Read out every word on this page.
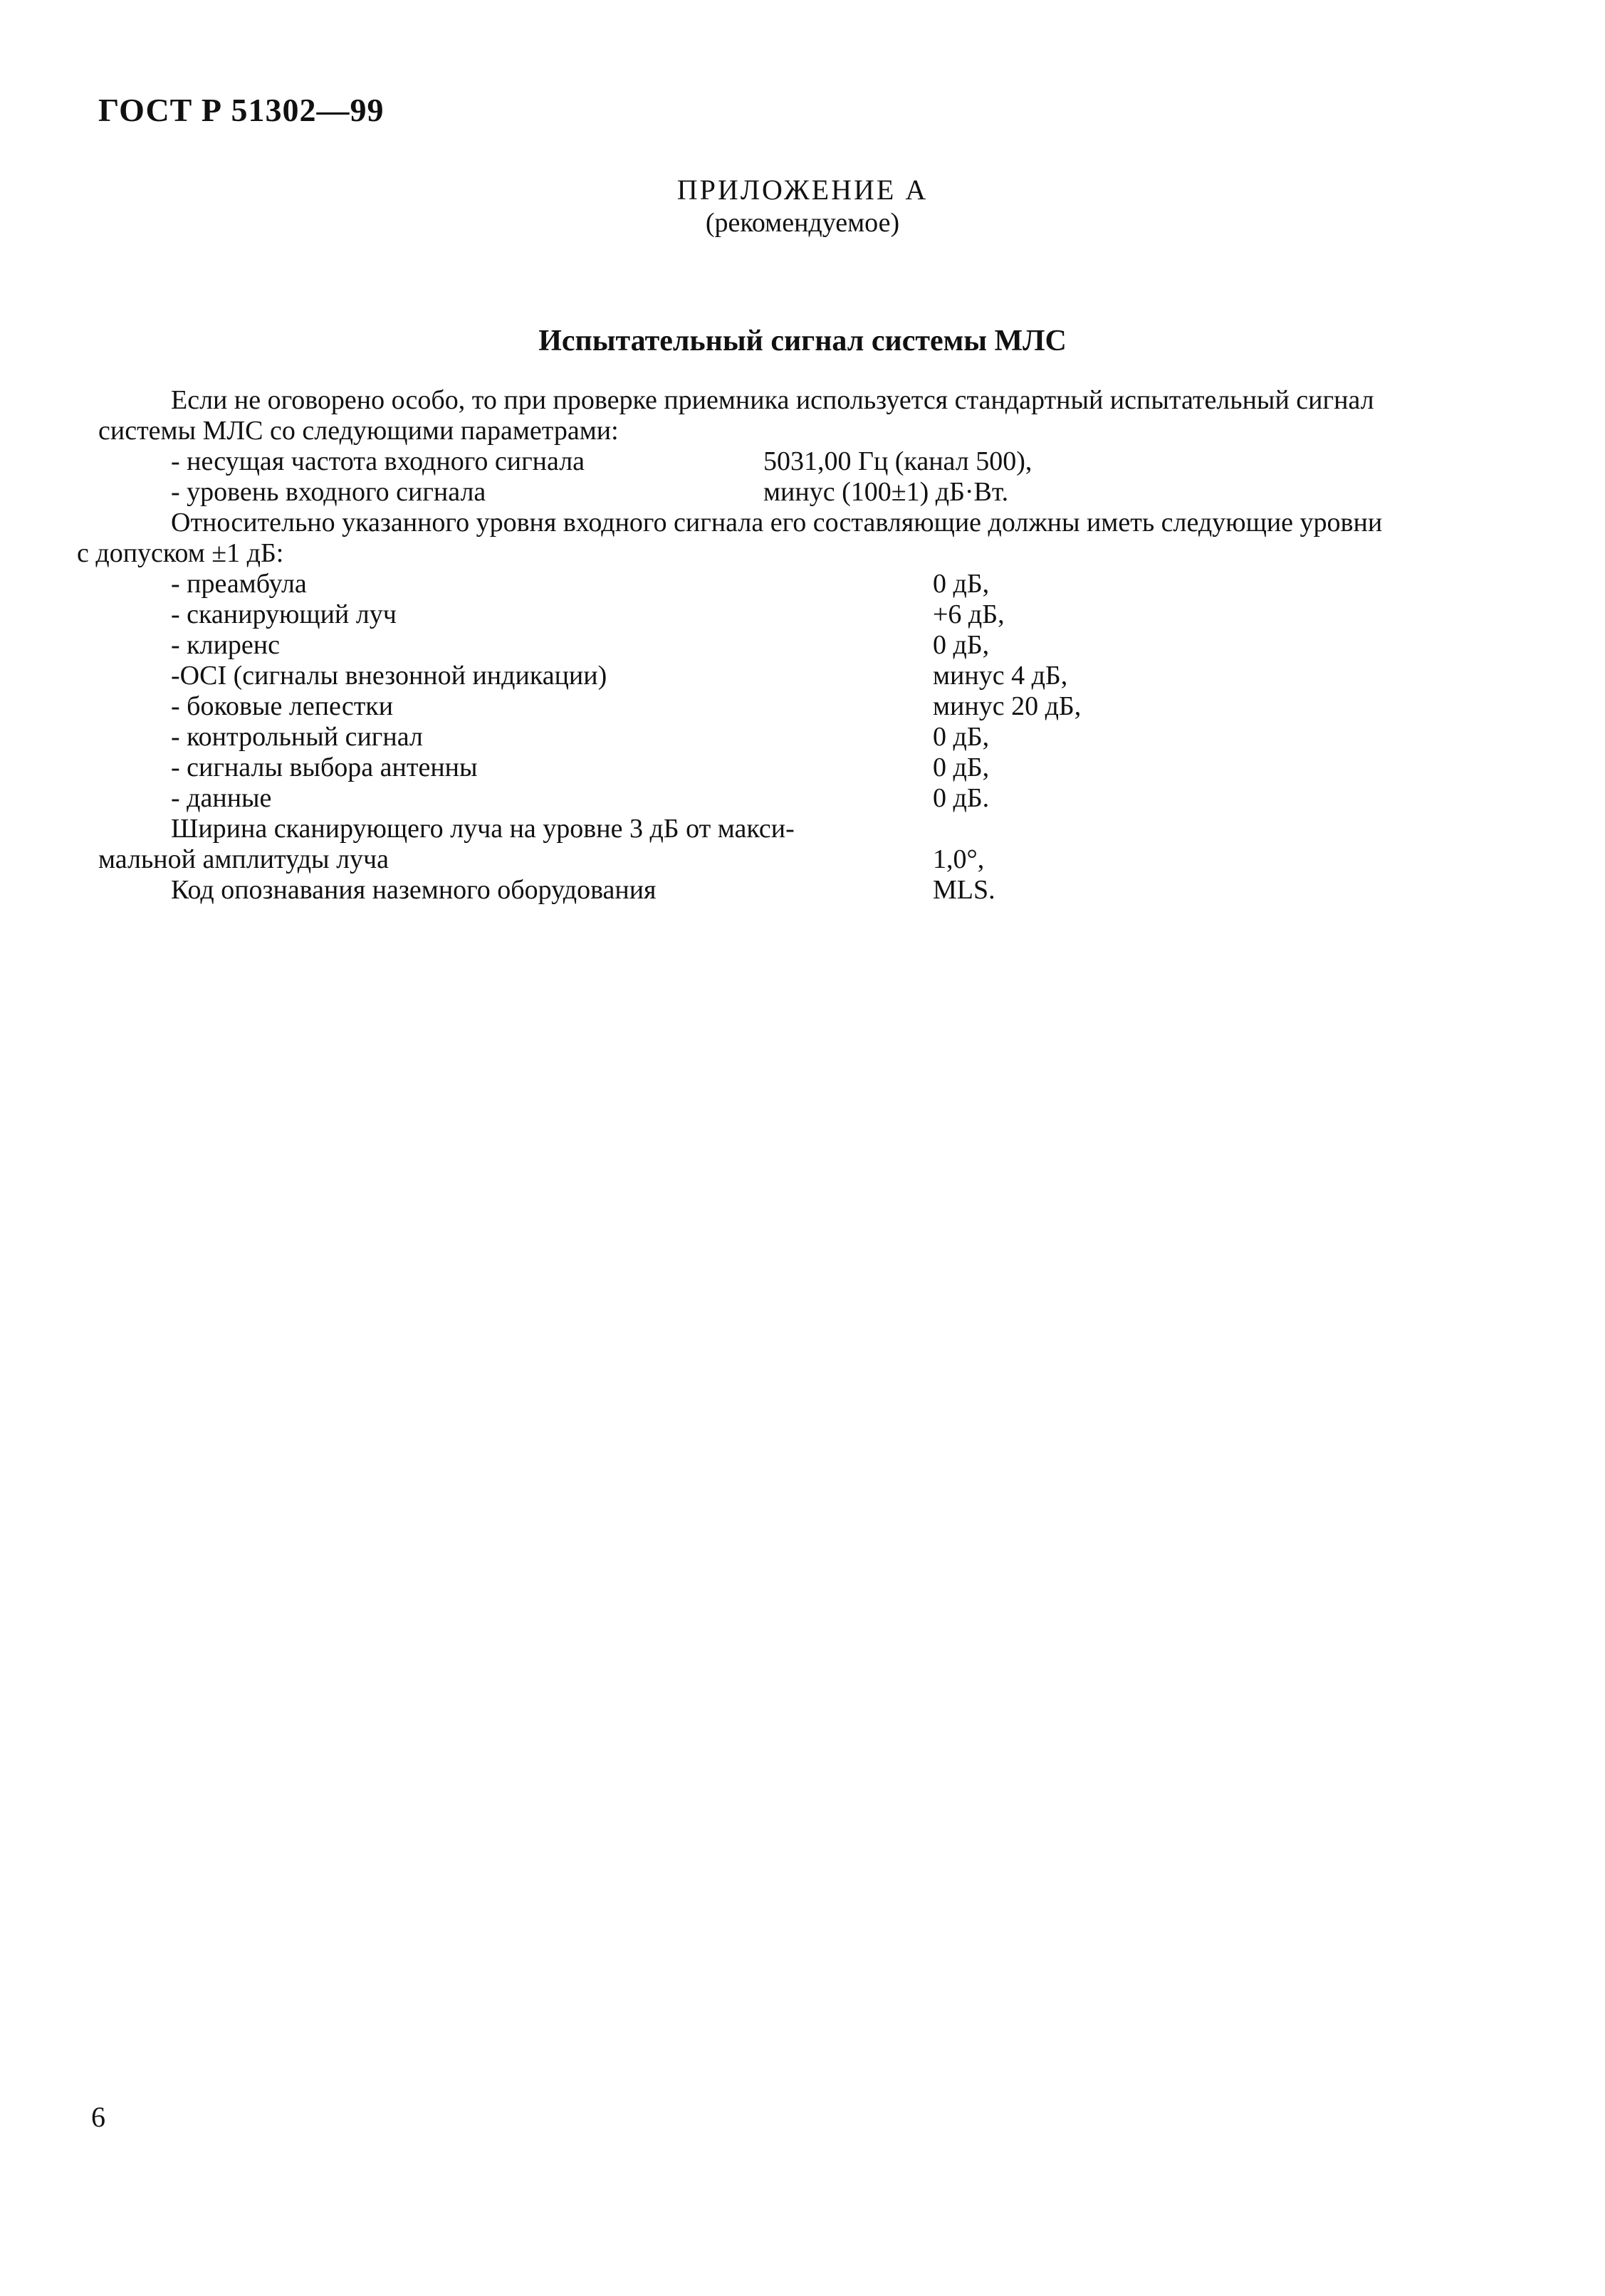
ГОСТ Р 51302—99
ПРИЛОЖЕНИЕ А
(рекомендуемое)
Испытательный сигнал системы МЛС
Если не оговорено особо, то при проверке приемника используется стандартный испытательный сигнал
системы МЛС со следующими параметрами:
- несущая частота входного сигнала	5031,00 Гц (канал 500),
- уровень входного сигнала	минус (100±1) дБ·Вт.
Относительно указанного уровня входного сигнала его составляющие должны иметь следующие уровни
с допуском ±1 дБ:
- преамбула	0 дБ,
- сканирующий луч	+6 дБ,
- клиренс	0 дБ,
-OCI (сигналы внезонной индикации)	минус 4 дБ,
- боковые лепестки	минус 20 дБ,
- контрольный сигнал	0 дБ,
- сигналы выбора антенны	0 дБ,
- данные	0 дБ.
Ширина сканирующего луча на уровне 3 дБ от макси-
мальной амплитуды луча	1,0°,
Код опознавания наземного оборудования	MLS.
6
